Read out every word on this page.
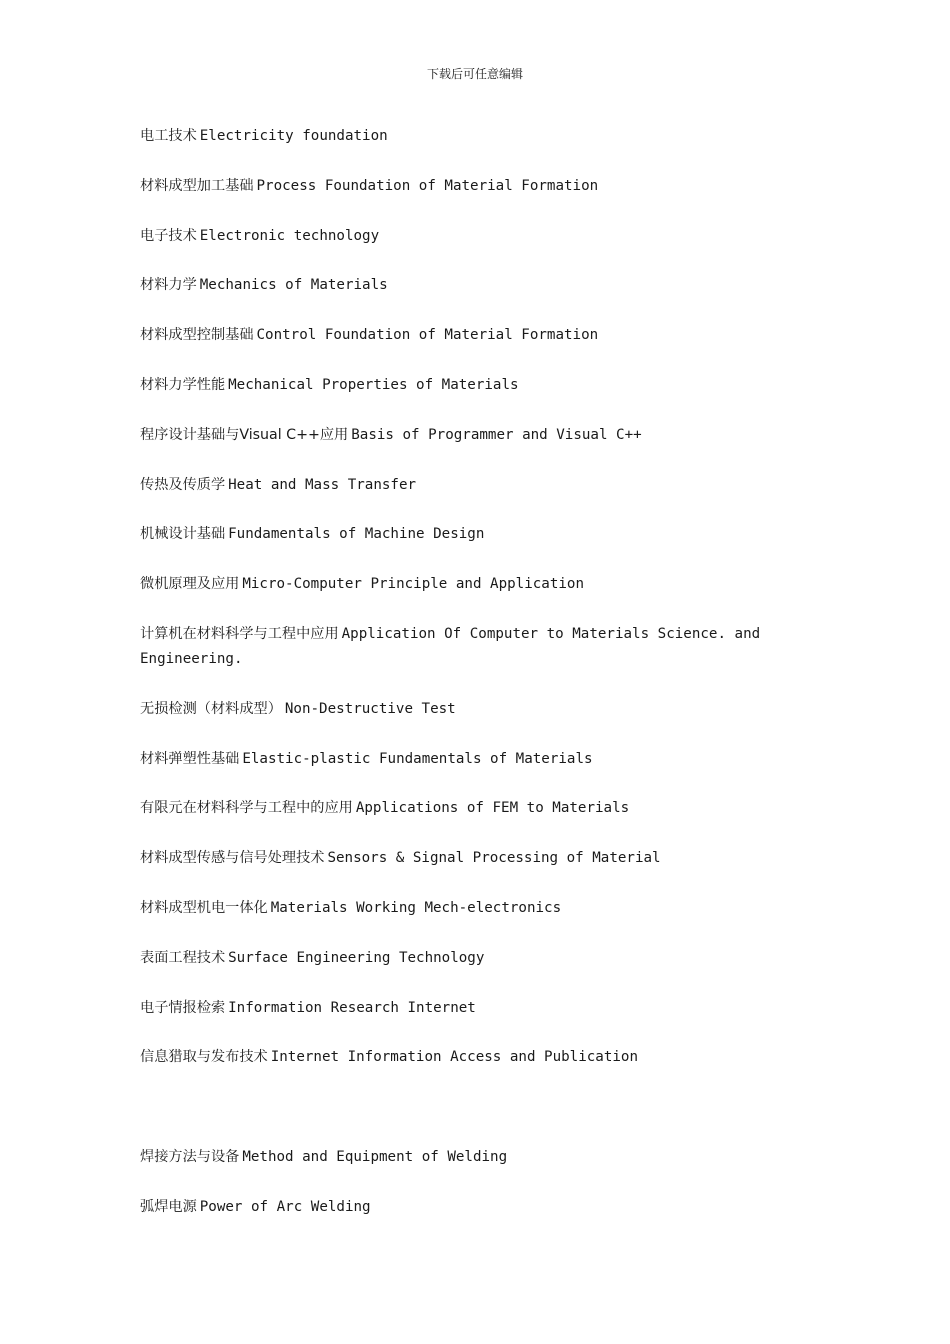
下载后可任意编辑
电工技术 Electricity foundation
材料成型加工基础 Process Foundation of Material Formation
电子技术 Electronic technology
材料力学 Mechanics of Materials
材料成型控制基础 Control Foundation of Material Formation
材料力学性能 Mechanical Properties of Materials
程序设计基础与Visual C++应用 Basis of Programmer and Visual C++
传热及传质学 Heat and Mass Transfer
机械设计基础 Fundamentals of Machine Design
微机原理及应用 Micro-Computer Principle and Application
计算机在材料科学与工程中应用 Application Of Computer to Materials Science. and Engineering.
无损检测（材料成型） Non-Destructive Test
材料弹塑性基础 Elastic-plastic Fundamentals of Materials
有限元在材料科学与工程中的应用 Applications of FEM to Materials
材料成型传感与信号处理技术 Sensors & Signal Processing of Material
材料成型机电一体化 Materials Working Mech-electronics
表面工程技术 Surface Engineering Technology
电子情报检索 Information Research Internet
信息猎取与发布技术 Internet Information Access and Publication
焊接方法与设备 Method and Equipment of Welding
弧焊电源 Power of Arc Welding
